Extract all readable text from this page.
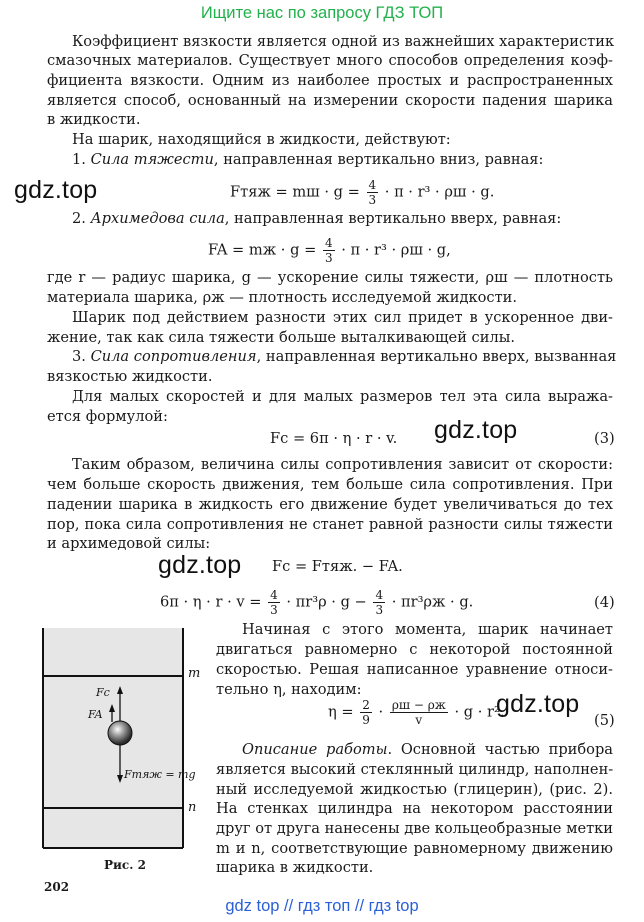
Ищите нас по запросу ГДЗ ТОП
Коэффициент вязкости является одной из важнейших характеристик
смазочных материалов. Существует много способов определения коэф-
фициента вязкости. Одним из наиболее простых и распространенных
является способ, основанный на измерении скорости падения шарика
в жидкости.
На шарик, находящийся в жидкости, действуют:
1. Сила тяжести, направленная вертикально вниз, равная:
gdz.top	Fтяж = mш · $g = \frac{4}{3} \cdot \pi \cdot r^3 \cdot \rho ш \cdot g$.
2. Архимедова сила, направленная вертикально вверх, равная:
FA = mж · $g = \frac{4}{3} \cdot \pi \cdot r^3 \cdot \rho ш \cdot g$,
где r — радиус шарика, g — ускорение силы тяжести, ρш — плотность
материала шарика, ρж — плотность исследуемой жидкости.
Шарик под действием разности этих сил придет в ускоренное дви-
жение, так как сила тяжести больше выталкивающей силы.
3. Сила сопротивления, направленная вертикально вверх, вызванная
вязкостью жидкости.
Для малых скоростей и для малых размеров тел эта сила выража-
ется формулой:
Fс = 6π · η · r · v. gdz.top	(3)
Таким образом, величина силы сопротивления зависит от скорости:
чем больше скорость движения, тем больше сила сопротивления. При
падении шарика в жидкость его движение будет увеличиваться до тех
пор, пока сила сопротивления не станет равной разности силы тяжести
и архимедовой силы:
gdz.top Fс = Fтяж. − FA.
$6\pi \cdot \eta \cdot r \cdot v = \frac{4}{3} \cdot \pi r^3\rho \cdot g - \frac{4}{3} \cdot \pi r^3\rho ж \cdot g$.	(4)
m
n
Fс
FA
Fтяж = mg
Рис. 2
Начиная с этого момента, шарик начинает
двигаться равномерно с некоторой постоянной
скоростью. Решая написанное уравнение относи-
тельно η, находим:
$\eta = \frac{2}{9} \cdot \frac{\rho ш - \rho ж}{v} \cdot g \cdot r^2$.
gdz.top
(5)
Описание работы. Основной частью прибора
является высокий стеклянный цилиндр, наполнен-
ный исследуемой жидкостью (глицерин), (рис. 2).
На стенках цилиндра на некотором расстоянии
друг от друга нанесены две кольцеобразные метки
m и n, соответствующие равномерному движению
шарика в жидкости.
202
gdz top // гдз топ // гдз top
